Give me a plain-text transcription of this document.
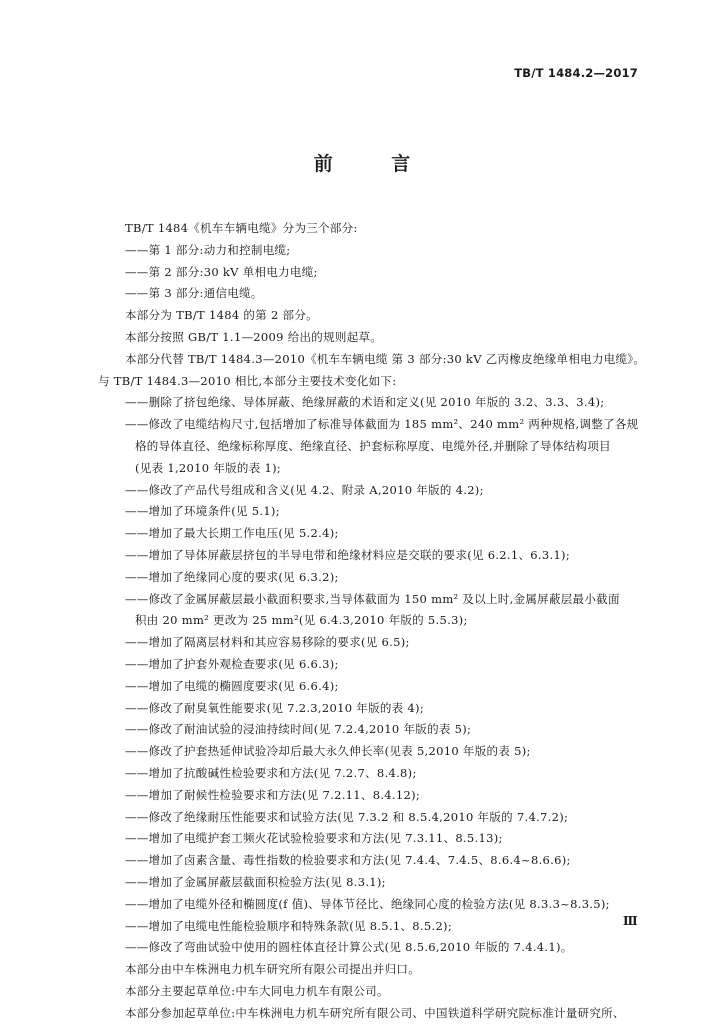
TB/T 1484.2—2017
前 言
TB/T 1484《机车车辆电缆》分为三个部分:
——第 1 部分:动力和控制电缆;
——第 2 部分:30 kV 单相电力电缆;
——第 3 部分:通信电缆。
本部分为 TB/T 1484 的第 2 部分。
本部分按照 GB/T 1.1—2009 给出的规则起草。
本部分代替 TB/T 1484.3—2010《机车车辆电缆 第 3 部分:30 kV 乙丙橡皮绝缘单相电力电缆》。
与 TB/T 1484.3—2010 相比,本部分主要技术变化如下:
——删除了挤包绝缘、导体屏蔽、绝缘屏蔽的术语和定义(见 2010 年版的 3.2、3.3、3.4);
——修改了电缆结构尺寸,包括增加了标准导体截面为 185 mm²、240 mm² 两种规格,调整了各规
格的导体直径、绝缘标称厚度、绝缘直径、护套标称厚度、电缆外径,并删除了导体结构项目
(见表 1,2010 年版的表 1);
——修改了产品代号组成和含义(见 4.2、附录 A,2010 年版的 4.2);
——增加了环境条件(见 5.1);
——增加了最大长期工作电压(见 5.2.4);
——增加了导体屏蔽层挤包的半导电带和绝缘材料应是交联的要求(见 6.2.1、6.3.1);
——增加了绝缘同心度的要求(见 6.3.2);
——修改了金属屏蔽层最小截面积要求,当导体截面为 150 mm² 及以上时,金属屏蔽层最小截面
积由 20 mm² 更改为 25 mm²(见 6.4.3,2010 年版的 5.5.3);
——增加了隔离层材料和其应容易移除的要求(见 6.5);
——增加了护套外观检查要求(见 6.6.3);
——增加了电缆的椭圆度要求(见 6.6.4);
——修改了耐臭氧性能要求(见 7.2.3,2010 年版的表 4);
——修改了耐油试验的浸油持续时间(见 7.2.4,2010 年版的表 5);
——修改了护套热延伸试验冷却后最大永久伸长率(见表 5,2010 年版的表 5);
——增加了抗酸碱性检验要求和方法(见 7.2.7、8.4.8);
——增加了耐候性检验要求和方法(见 7.2.11、8.4.12);
——修改了绝缘耐压性能要求和试验方法(见 7.3.2 和 8.5.4,2010 年版的 7.4.7.2);
——增加了电缆护套工频火花试验检验要求和方法(见 7.3.11、8.5.13);
——增加了卤素含量、毒性指数的检验要求和方法(见 7.4.4、7.4.5、8.6.4~8.6.6);
——增加了金属屏蔽层截面积检验方法(见 8.3.1);
——增加了电缆外径和椭圆度(f 值)、导体节径比、绝缘同心度的检验方法(见 8.3.3~8.3.5);
——增加了电缆电性能检验顺序和特殊条款(见 8.5.1、8.5.2);
——修改了弯曲试验中使用的圆柱体直径计算公式(见 8.5.6,2010 年版的 7.4.4.1)。
本部分由中车株洲电力机车研究所有限公司提出并归口。
本部分主要起草单位:中车大同电力机车有限公司。
本部分参加起草单位:中车株洲电力机车研究所有限公司、中国铁道科学研究院标准计量研究所、
Ⅲ
